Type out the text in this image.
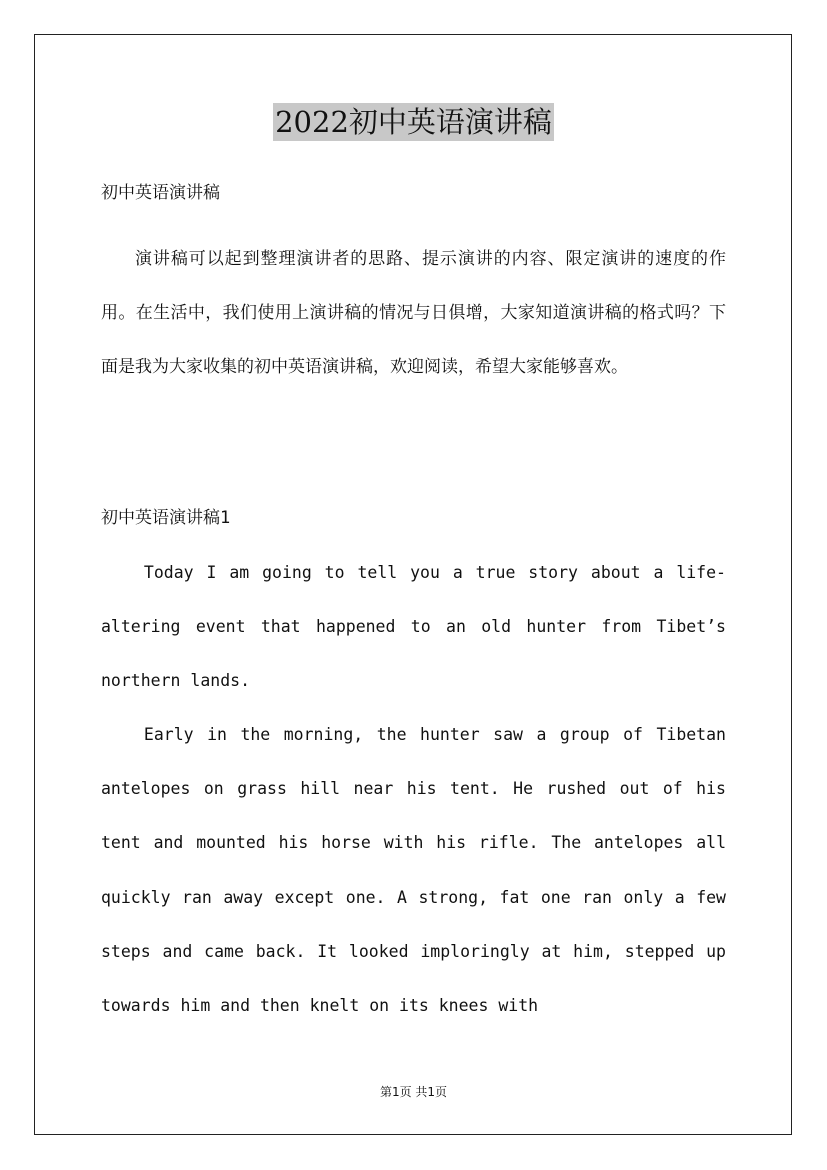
2022初中英语演讲稿

初中英语演讲稿

演讲稿可以起到整理演讲者的思路、提示演讲的内容、限定演讲的速度的作用。在生活中，我们使用上演讲稿的情况与日俱增，大家知道演讲稿的格式吗？下面是我为大家收集的初中英语演讲稿，欢迎阅读，希望大家能够喜欢。

初中英语演讲稿1

Today I am going to tell you a true story about a life-altering event that happened to an old hunter from Tibet’s northern lands.

Early in the morning, the hunter saw a group of Tibetan antelopes on grass hill near his tent. He rushed out of his tent and mounted his horse with his rifle. The antelopes all quickly ran away except one. A strong, fat one ran only a few steps and came back. It looked imploringly at him, stepped up towards him and then knelt on its knees with

第1页 共1页
